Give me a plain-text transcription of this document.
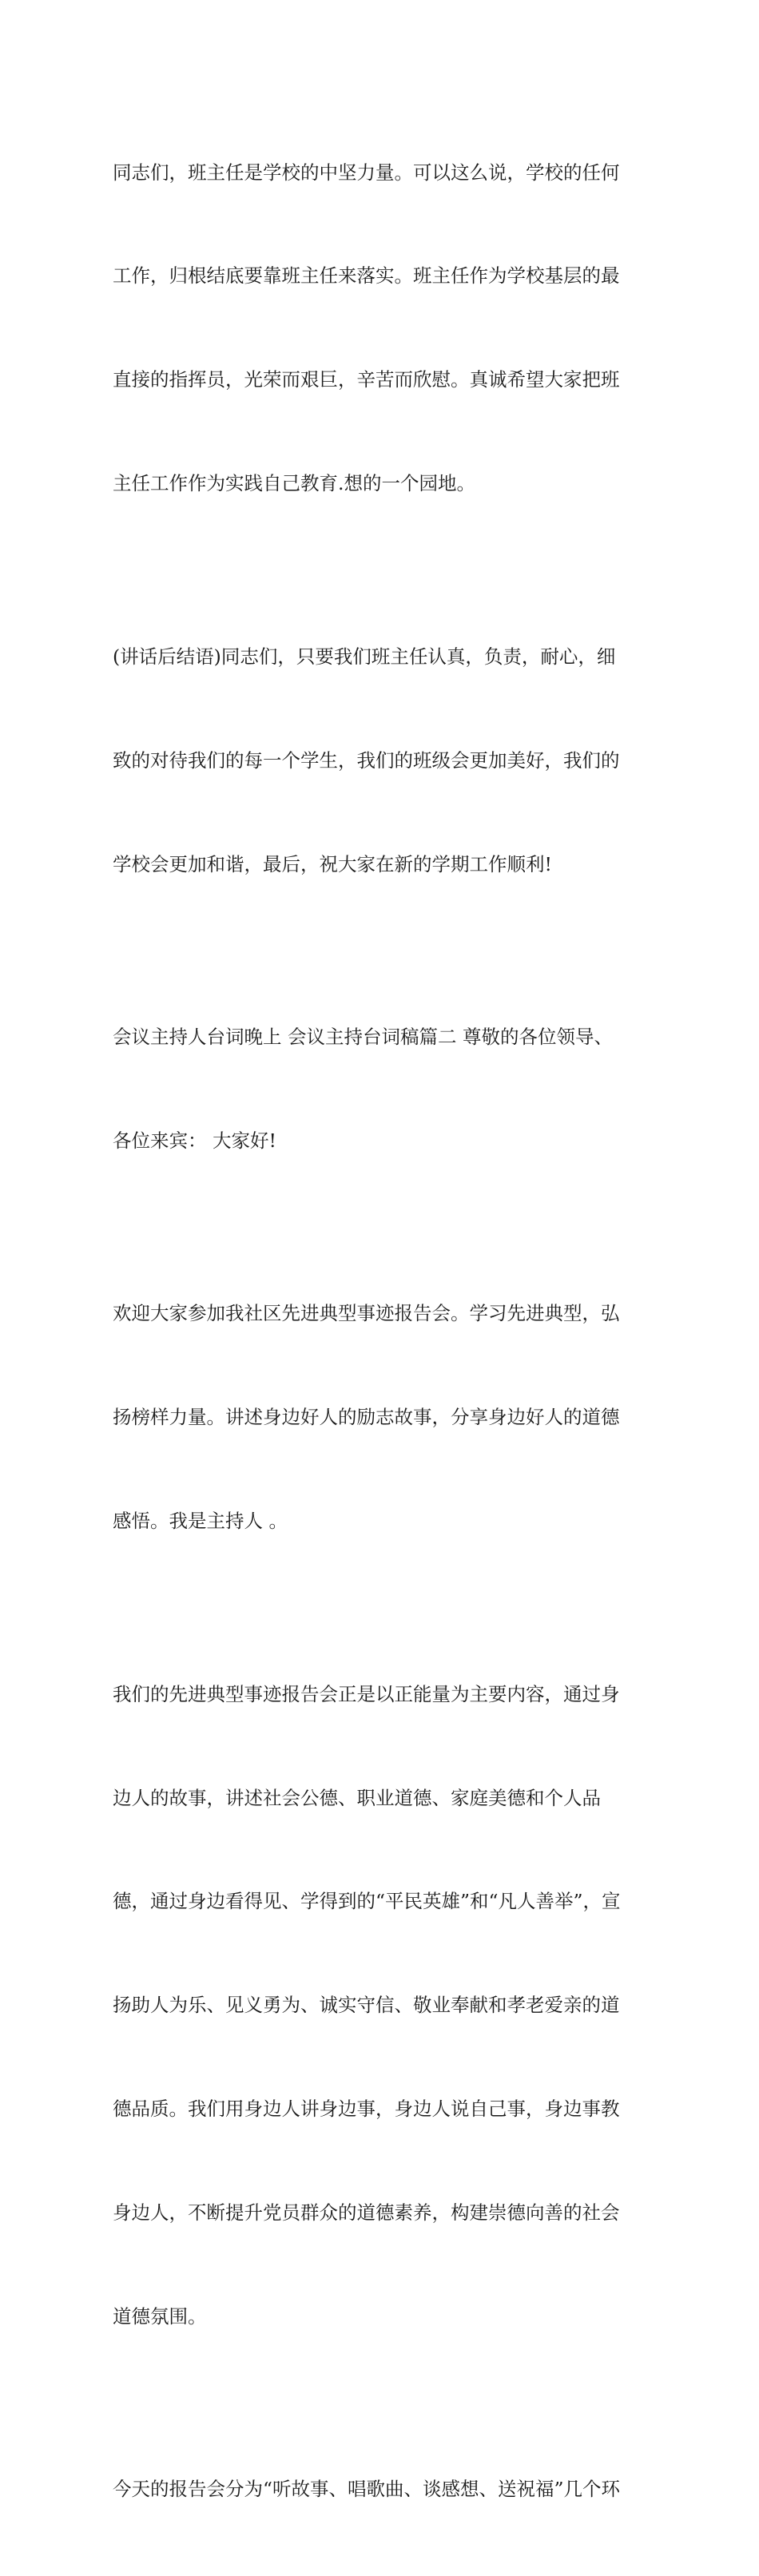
同志们，班主任是学校的中坚力量。可以这么说，学校的任何

工作，归根结底要靠班主任来落实。班主任作为学校基层的最

直接的指挥员，光荣而艰巨，辛苦而欣慰。真诚希望大家把班

主任工作作为实践自己教育.想的一个园地。

(讲话后结语)同志们，只要我们班主任认真，负责，耐心，细

致的对待我们的每一个学生，我们的班级会更加美好，我们的

学校会更加和谐，最后，祝大家在新的学期工作顺利!

会议主持人台词晚上 会议主持台词稿篇二 尊敬的各位领导、

各位来宾： 大家好!

欢迎大家参加我社区先进典型事迹报告会。学习先进典型，弘

扬榜样力量。讲述身边好人的励志故事，分享身边好人的道德

感悟。我是主持人 。

我们的先进典型事迹报告会正是以正能量为主要内容，通过身

边人的故事，讲述社会公德、职业道德、家庭美德和个人品

德，通过身边看得见、学得到的“平民英雄”和“凡人善举”，宣

扬助人为乐、见义勇为、诚实守信、敬业奉献和孝老爱亲的道

德品质。我们用身边人讲身边事，身边人说自己事，身边事教

身边人，不断提升党员群众的道德素养，构建崇德向善的社会

道德氛围。

今天的报告会分为“听故事、唱歌曲、谈感想、送祝福”几个环
